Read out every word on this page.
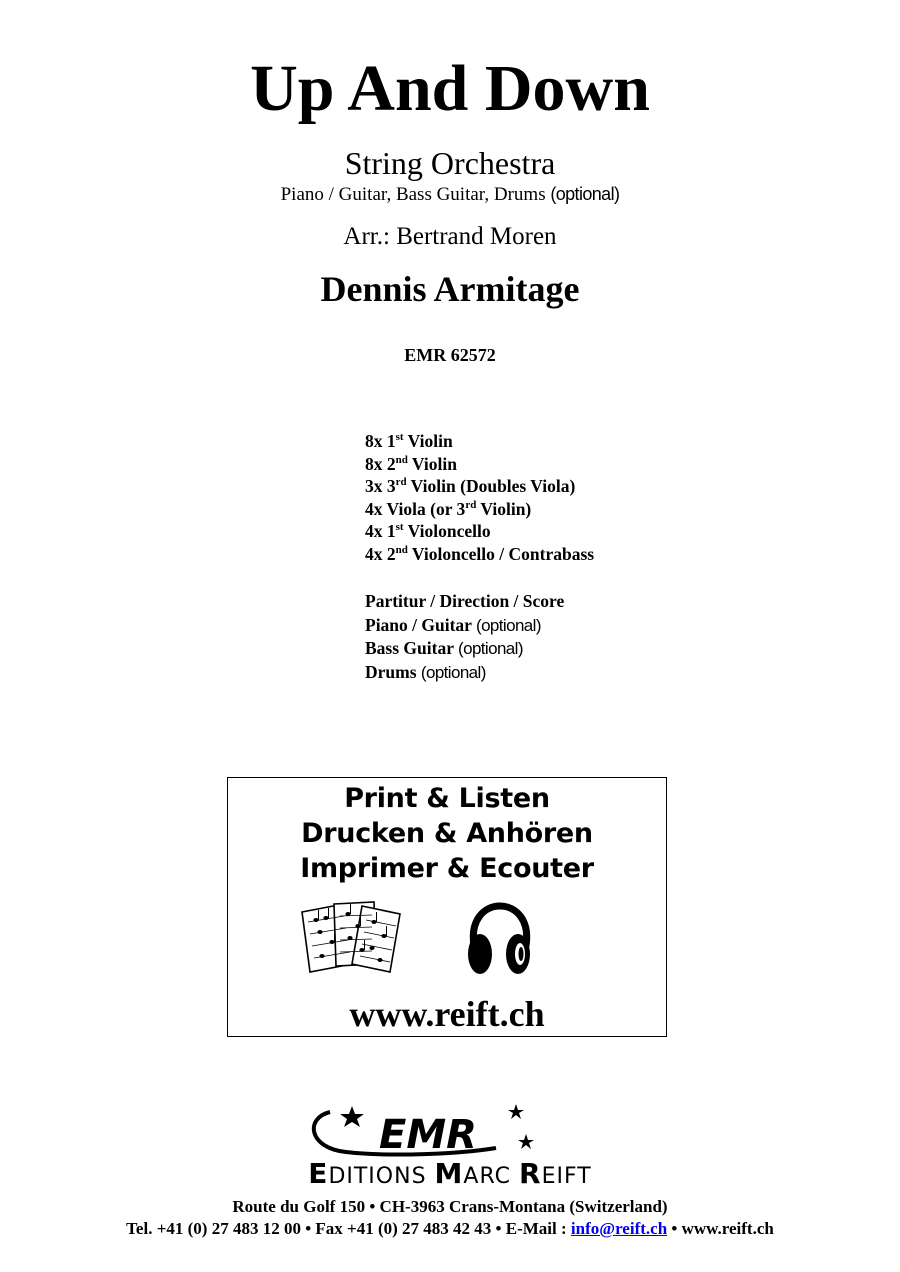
Up And Down
String Orchestra
Piano / Guitar, Bass Guitar, Drums (optional)
Arr.: Bertrand Moren
Dennis Armitage
EMR 62572
8x 1st Violin
8x 2nd Violin
3x 3rd Violin (Doubles Viola)
4x Viola (or 3rd Violin)
4x 1st Violoncello
4x 2nd Violoncello / Contrabass
Partitur / Direction / Score
Piano / Guitar (optional)
Bass Guitar (optional)
Drums (optional)
Print & Listen
Drucken & Anhören
Imprimer & Ecouter
www.reift.ch
EMR
EDITIONS MARC REIFT
Route du Golf 150 • CH-3963 Crans-Montana (Switzerland)
Tel. +41 (0) 27 483 12 00 • Fax +41 (0) 27 483 42 43 • E-Mail : info@reift.ch • www.reift.ch
